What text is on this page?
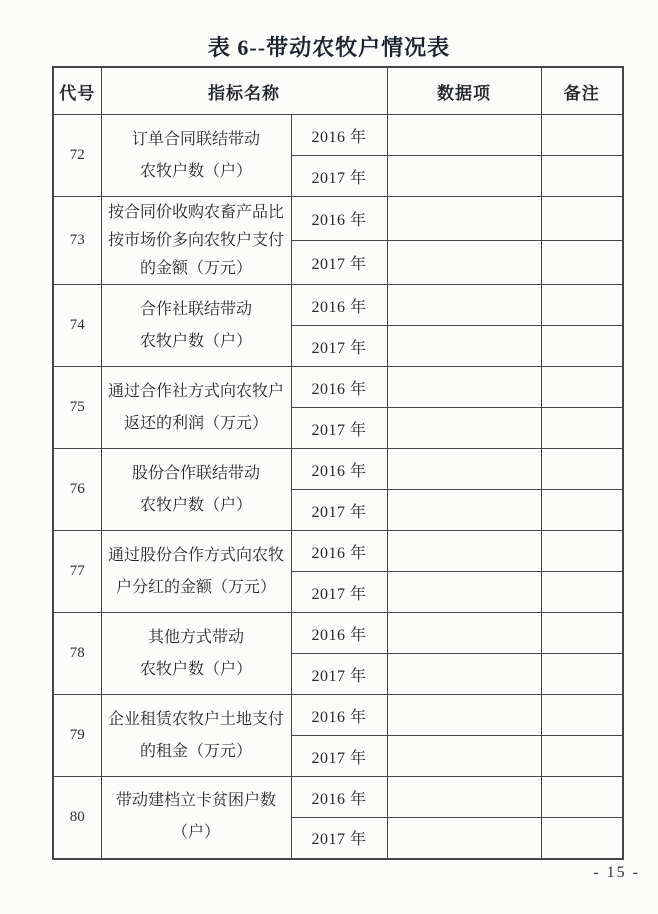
表 6--带动农牧户情况表
代号	指标名称		数据项	备注
72	订单合同联结带动
农牧户数（户）	2016 年		
		2017 年		
73	按合同价收购农畜产品比
按市场价多向农牧户支付
的金额（万元）	2016 年		
		2017 年		
74	合作社联结带动
农牧户数（户）	2016 年		
		2017 年		
75	通过合作社方式向农牧户
返还的利润（万元）	2016 年		
		2017 年		
76	股份合作联结带动
农牧户数（户）	2016 年		
		2017 年		
77	通过股份合作方式向农牧
户分红的金额（万元）	2016 年		
		2017 年		
78	其他方式带动
农牧户数（户）	2016 年		
		2017 年		
79	企业租赁农牧户土地支付
的租金（万元）	2016 年		
		2017 年		
80	带动建档立卡贫困户数
（户）	2016 年		
		2017 年		
- 15 -
